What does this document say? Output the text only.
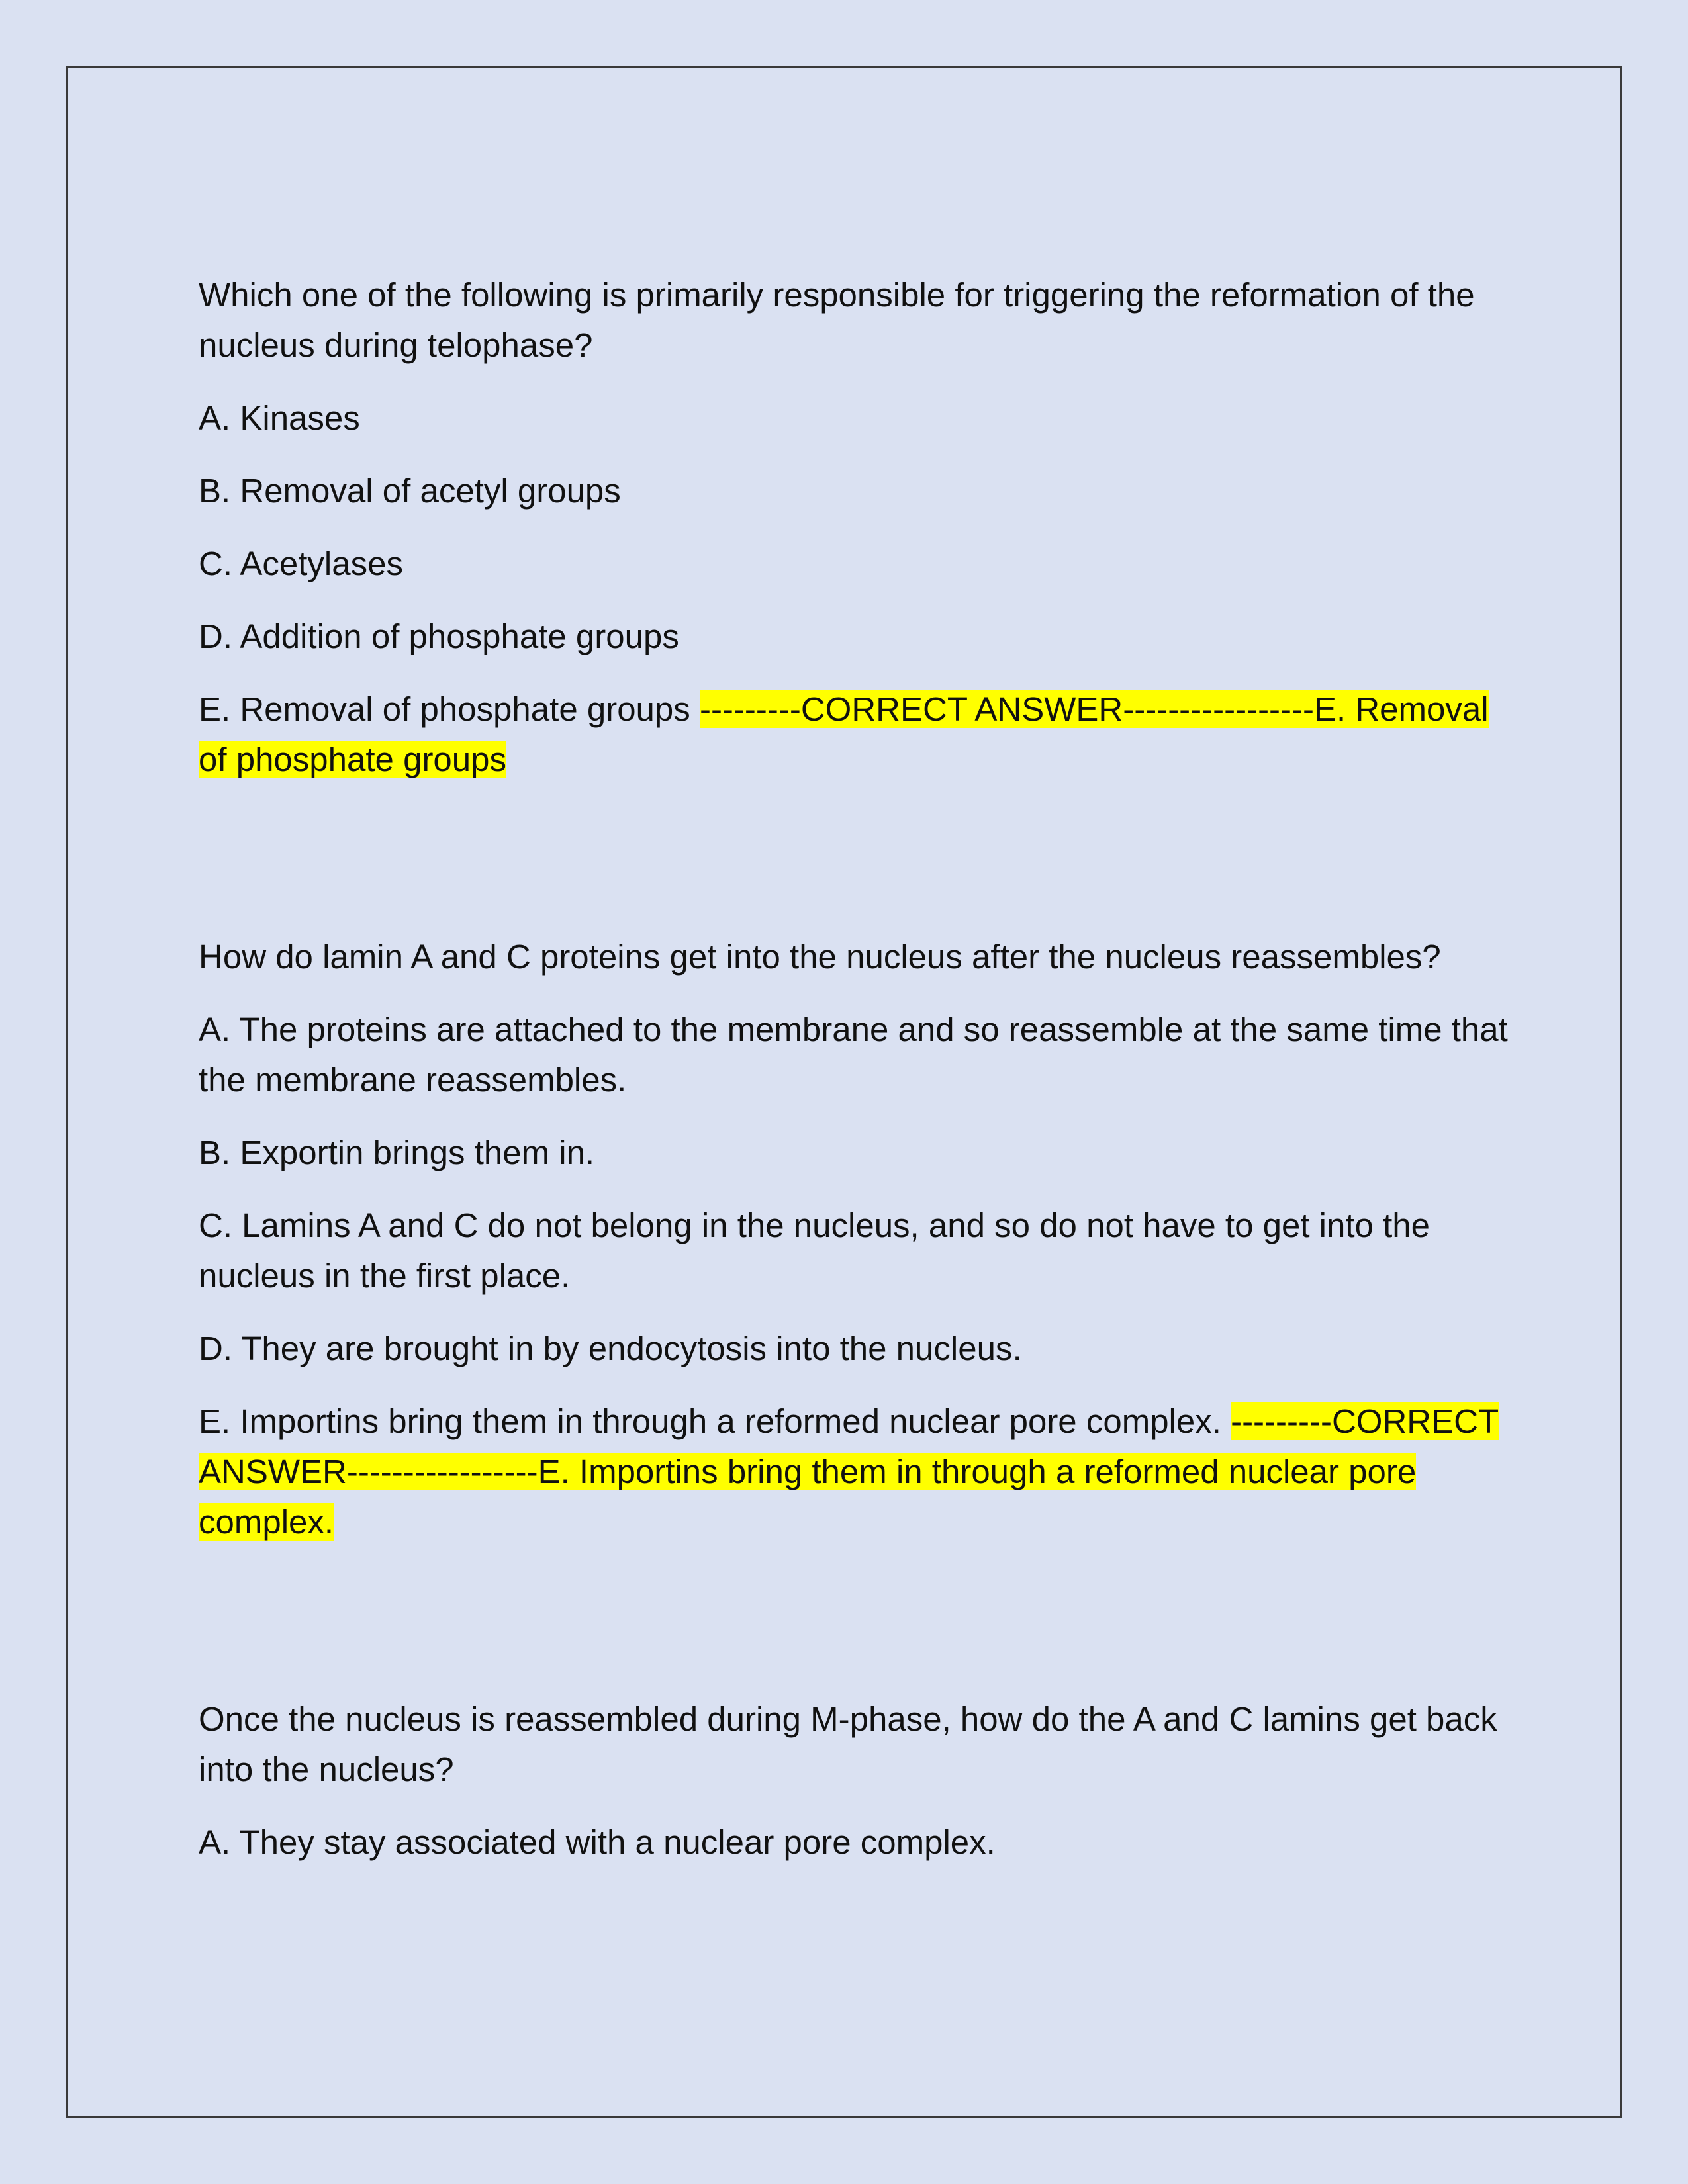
Which one of the following is primarily responsible for triggering the reformation of the nucleus during telophase?

A. Kinases

B. Removal of acetyl groups

C. Acetylases

D. Addition of phosphate groups

E. Removal of phosphate groups ---------CORRECT ANSWER-----------------E. Removal of phosphate groups

How do lamin A and C proteins get into the nucleus after the nucleus reassembles?

A. The proteins are attached to the membrane and so reassemble at the same time that the membrane reassembles.

B. Exportin brings them in.

C. Lamins A and C do not belong in the nucleus, and so do not have to get into the nucleus in the first place.

D. They are brought in by endocytosis into the nucleus.

E. Importins bring them in through a reformed nuclear pore complex. ---------CORRECT ANSWER-----------------E. Importins bring them in through a reformed nuclear pore complex.

Once the nucleus is reassembled during M-phase, how do the A and C lamins get back into the nucleus?

A. They stay associated with a nuclear pore complex.
